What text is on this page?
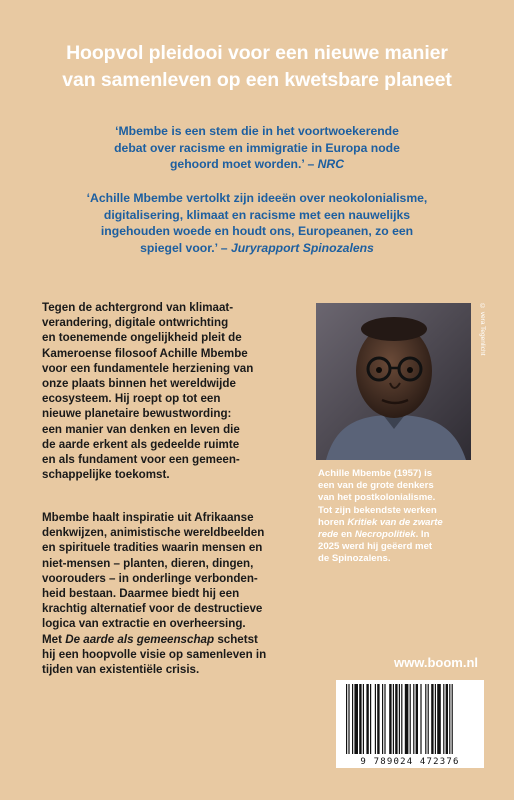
Hoopvol pleidooi voor een nieuwe manier
van samenleven op een kwetsbare planeet
‘Mbembe is een stem die in het voortwoekerende
debat over racisme en immigratie in Europa node
gehoord moet worden.’ – NRC
‘Achille Mbembe vertolkt zijn ideeën over neokolonialisme,
digitalisering, klimaat en racisme met een nauwelijks
ingehouden woede en houdt ons, Europeanen, zo een
spiegel voor.’ – Juryrapport Spinozalens
Tegen de achtergrond van klimaat-
verandering, digitale ontwrichting
en toenemende ongelijkheid pleit de
Kameroense filosoof Achille Mbembe
voor een fundamentele herziening van
onze plaats binnen het wereldwijde
ecosysteem. Hij roept op tot een
nieuwe planetaire bewustwording:
een manier van denken en leven die
de aarde erkent als gedeelde ruimte
en als fundament voor een gemeen-
schappelijke toekomst.
Mbembe haalt inspiratie uit Afrikaanse
denkwijzen, animistische wereldbeelden
en spirituele tradities waarin mensen en
niet-mensen – planten, dieren, dingen,
voorouders – in onderlinge verbonden-
heid bestaan. Daarmee biedt hij een
krachtig alternatief voor de destructieve
logica van extractie en overheersing.
Met De aarde als gemeenschap schetst
hij een hoopvolle visie op samenleven in
tijden van existentiële crisis.
© vera Tegenlicht
Achille Mbembe (1957) is
een van de grote denkers
van het postkolonialisme.
Tot zijn bekendste werken
horen Kritiek van de zwarte
rede en Necropolitiek. In
2025 werd hij geëerd met
de Spinozalens.
www.boom.nl
9 789024 472376
